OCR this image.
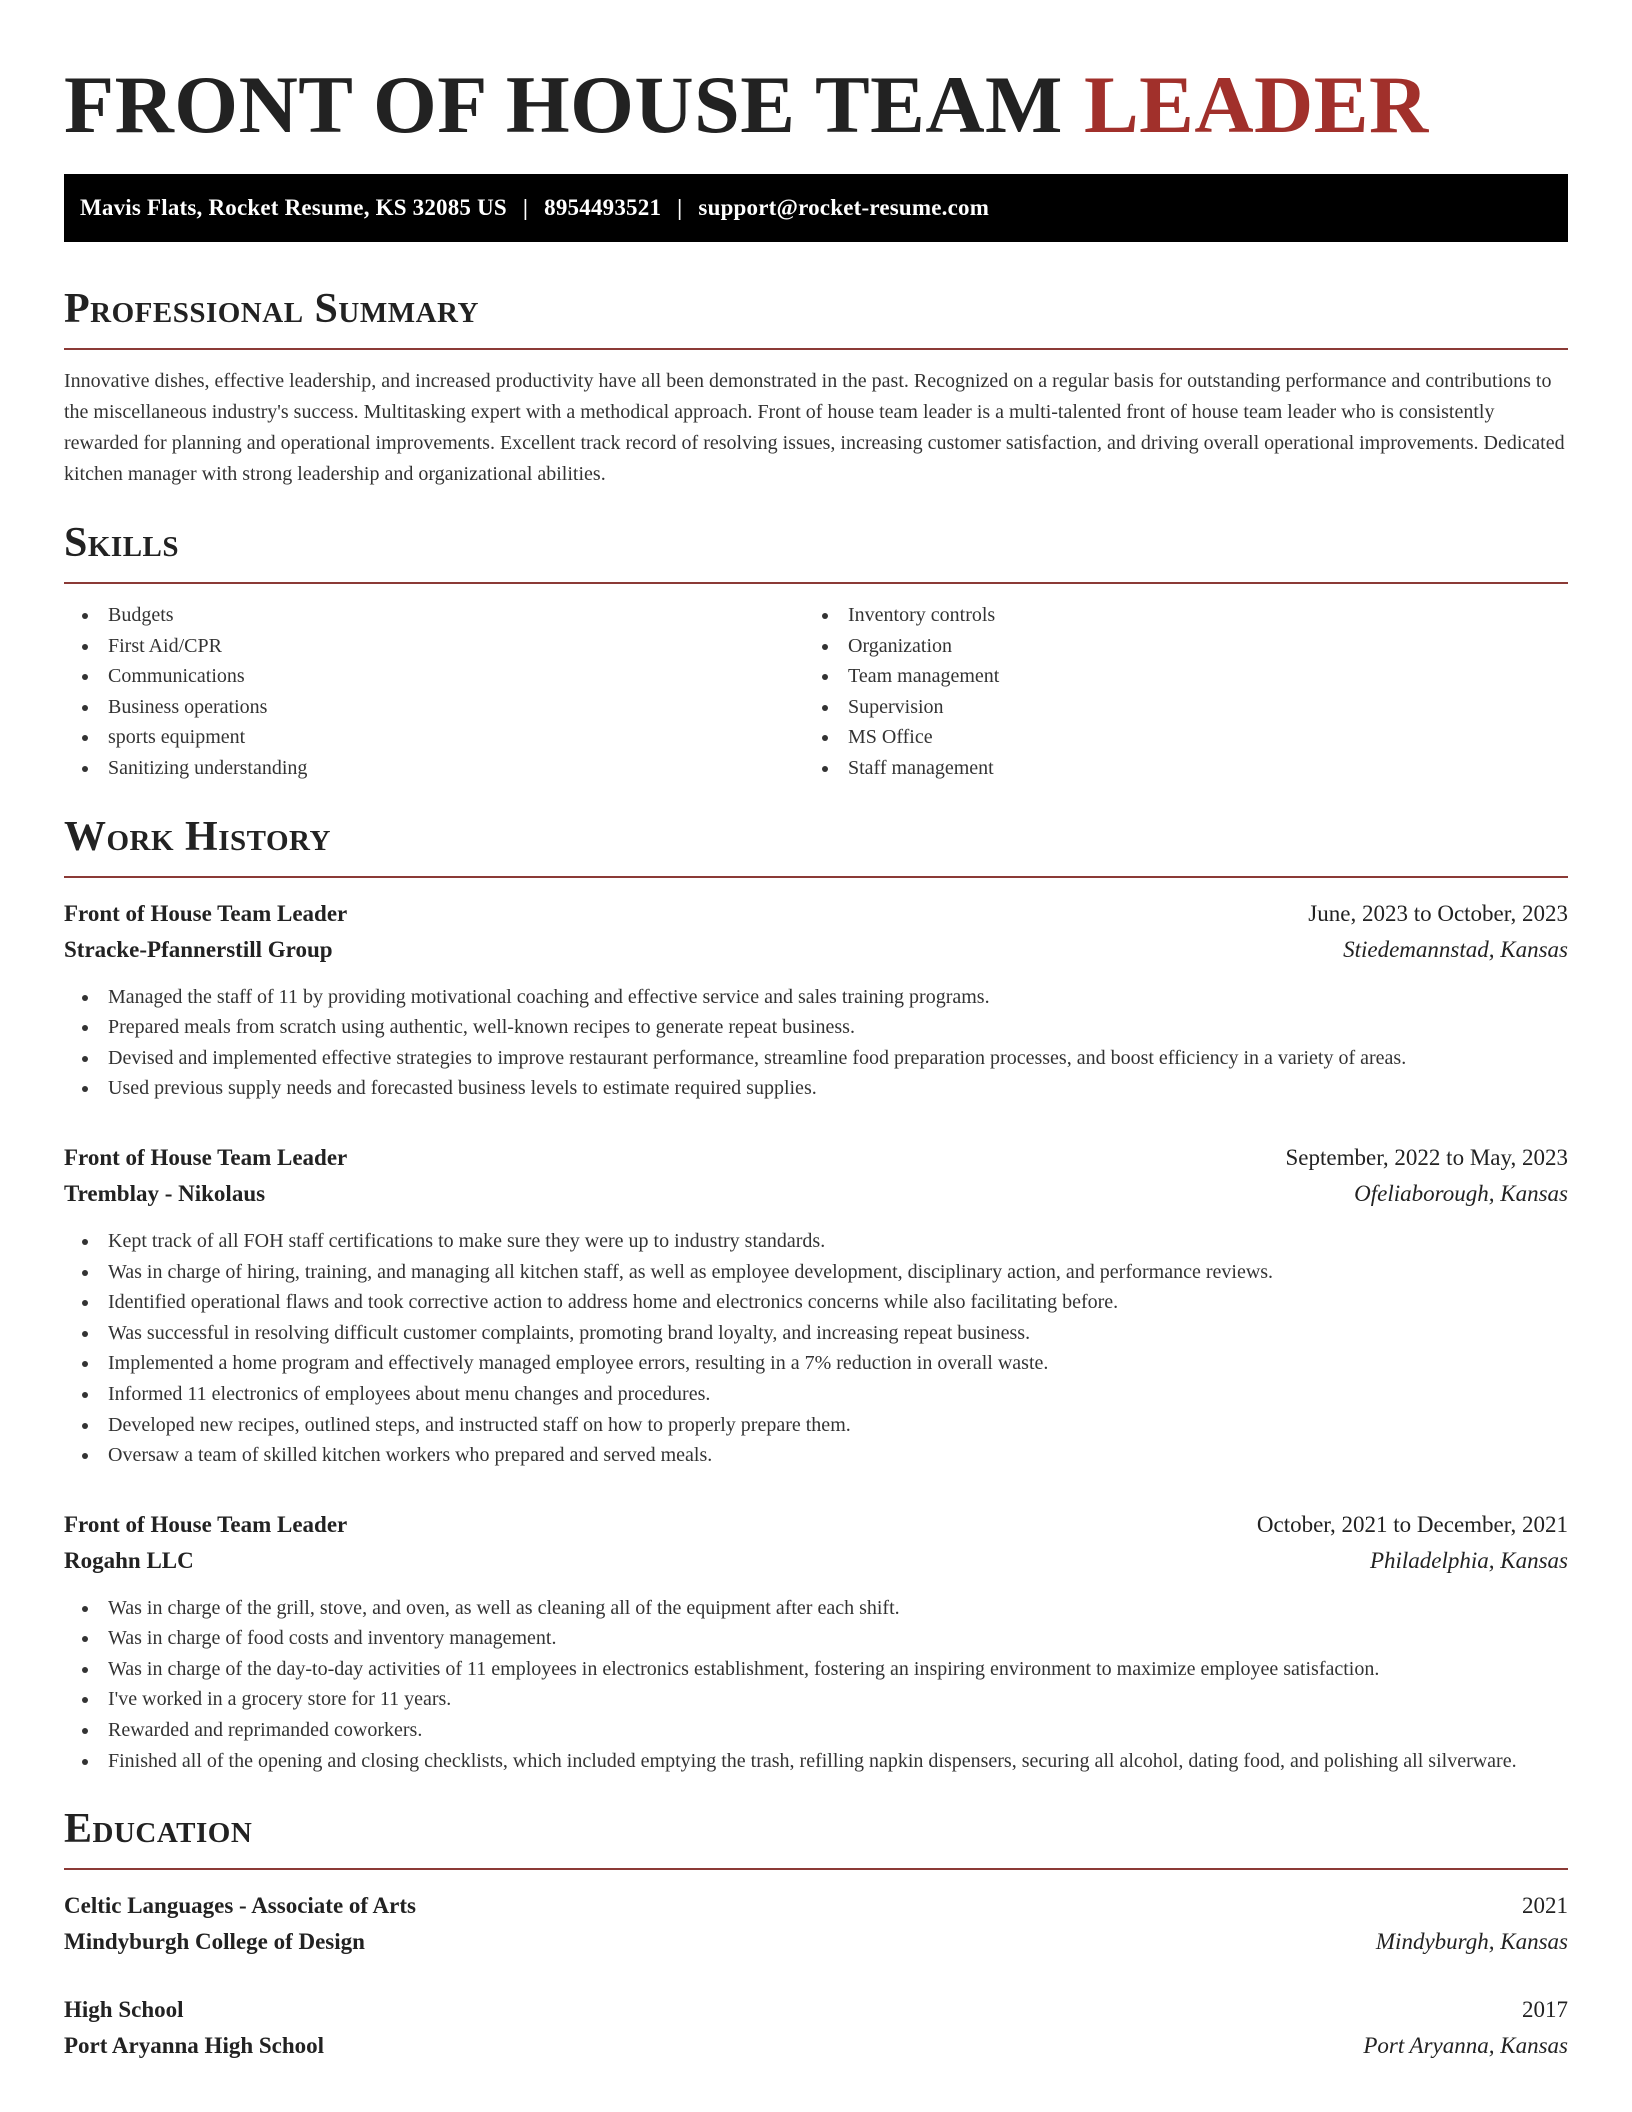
FRONT OF HOUSE TEAM LEADER
Mavis Flats, Rocket Resume, KS 32085 US | 8954493521 | support@rocket-resume.com
Professional Summary

Innovative dishes, effective leadership, and increased productivity have all been demonstrated in the past. Recognized on a regular basis for outstanding performance and contributions to the miscellaneous industry's success. Multitasking expert with a methodical approach. Front of house team leader is a multi-talented front of house team leader who is consistently rewarded for planning and operational improvements. Excellent track record of resolving issues, increasing customer satisfaction, and driving overall operational improvements. Dedicated kitchen manager with strong leadership and organizational abilities.

Skills
Budgets
First Aid/CPR
Communications
Business operations
sports equipment
Sanitizing understanding
Inventory controls
Organization
Team management
Supervision
MS Office
Staff management
Work History
Front of House Team Leader	June, 2023 to October, 2023
Stracke-Pfannerstill Group	Stiedemannstad, Kansas
Managed the staff of 11 by providing motivational coaching and effective service and sales training programs.
Prepared meals from scratch using authentic, well-known recipes to generate repeat business.
Devised and implemented effective strategies to improve restaurant performance, streamline food preparation processes, and boost efficiency in a variety of areas.
Used previous supply needs and forecasted business levels to estimate required supplies.
Front of House Team Leader	September, 2022 to May, 2023
Tremblay - Nikolaus	Ofeliaborough, Kansas
Kept track of all FOH staff certifications to make sure they were up to industry standards.
Was in charge of hiring, training, and managing all kitchen staff, as well as employee development, disciplinary action, and performance reviews.
Identified operational flaws and took corrective action to address home and electronics concerns while also facilitating before.
Was successful in resolving difficult customer complaints, promoting brand loyalty, and increasing repeat business.
Implemented a home program and effectively managed employee errors, resulting in a 7% reduction in overall waste.
Informed 11 electronics of employees about menu changes and procedures.
Developed new recipes, outlined steps, and instructed staff on how to properly prepare them.
Oversaw a team of skilled kitchen workers who prepared and served meals.
Front of House Team Leader	October, 2021 to December, 2021
Rogahn LLC	Philadelphia, Kansas
Was in charge of the grill, stove, and oven, as well as cleaning all of the equipment after each shift.
Was in charge of food costs and inventory management.
Was in charge of the day-to-day activities of 11 employees in electronics establishment, fostering an inspiring environment to maximize employee satisfaction.
I've worked in a grocery store for 11 years.
Rewarded and reprimanded coworkers.
Finished all of the opening and closing checklists, which included emptying the trash, refilling napkin dispensers, securing all alcohol, dating food, and polishing all silverware.
Education
Celtic Languages - Associate of Arts	2021
Mindyburgh College of Design	Mindyburgh, Kansas
High School	2017
Port Aryanna High School	Port Aryanna, Kansas
